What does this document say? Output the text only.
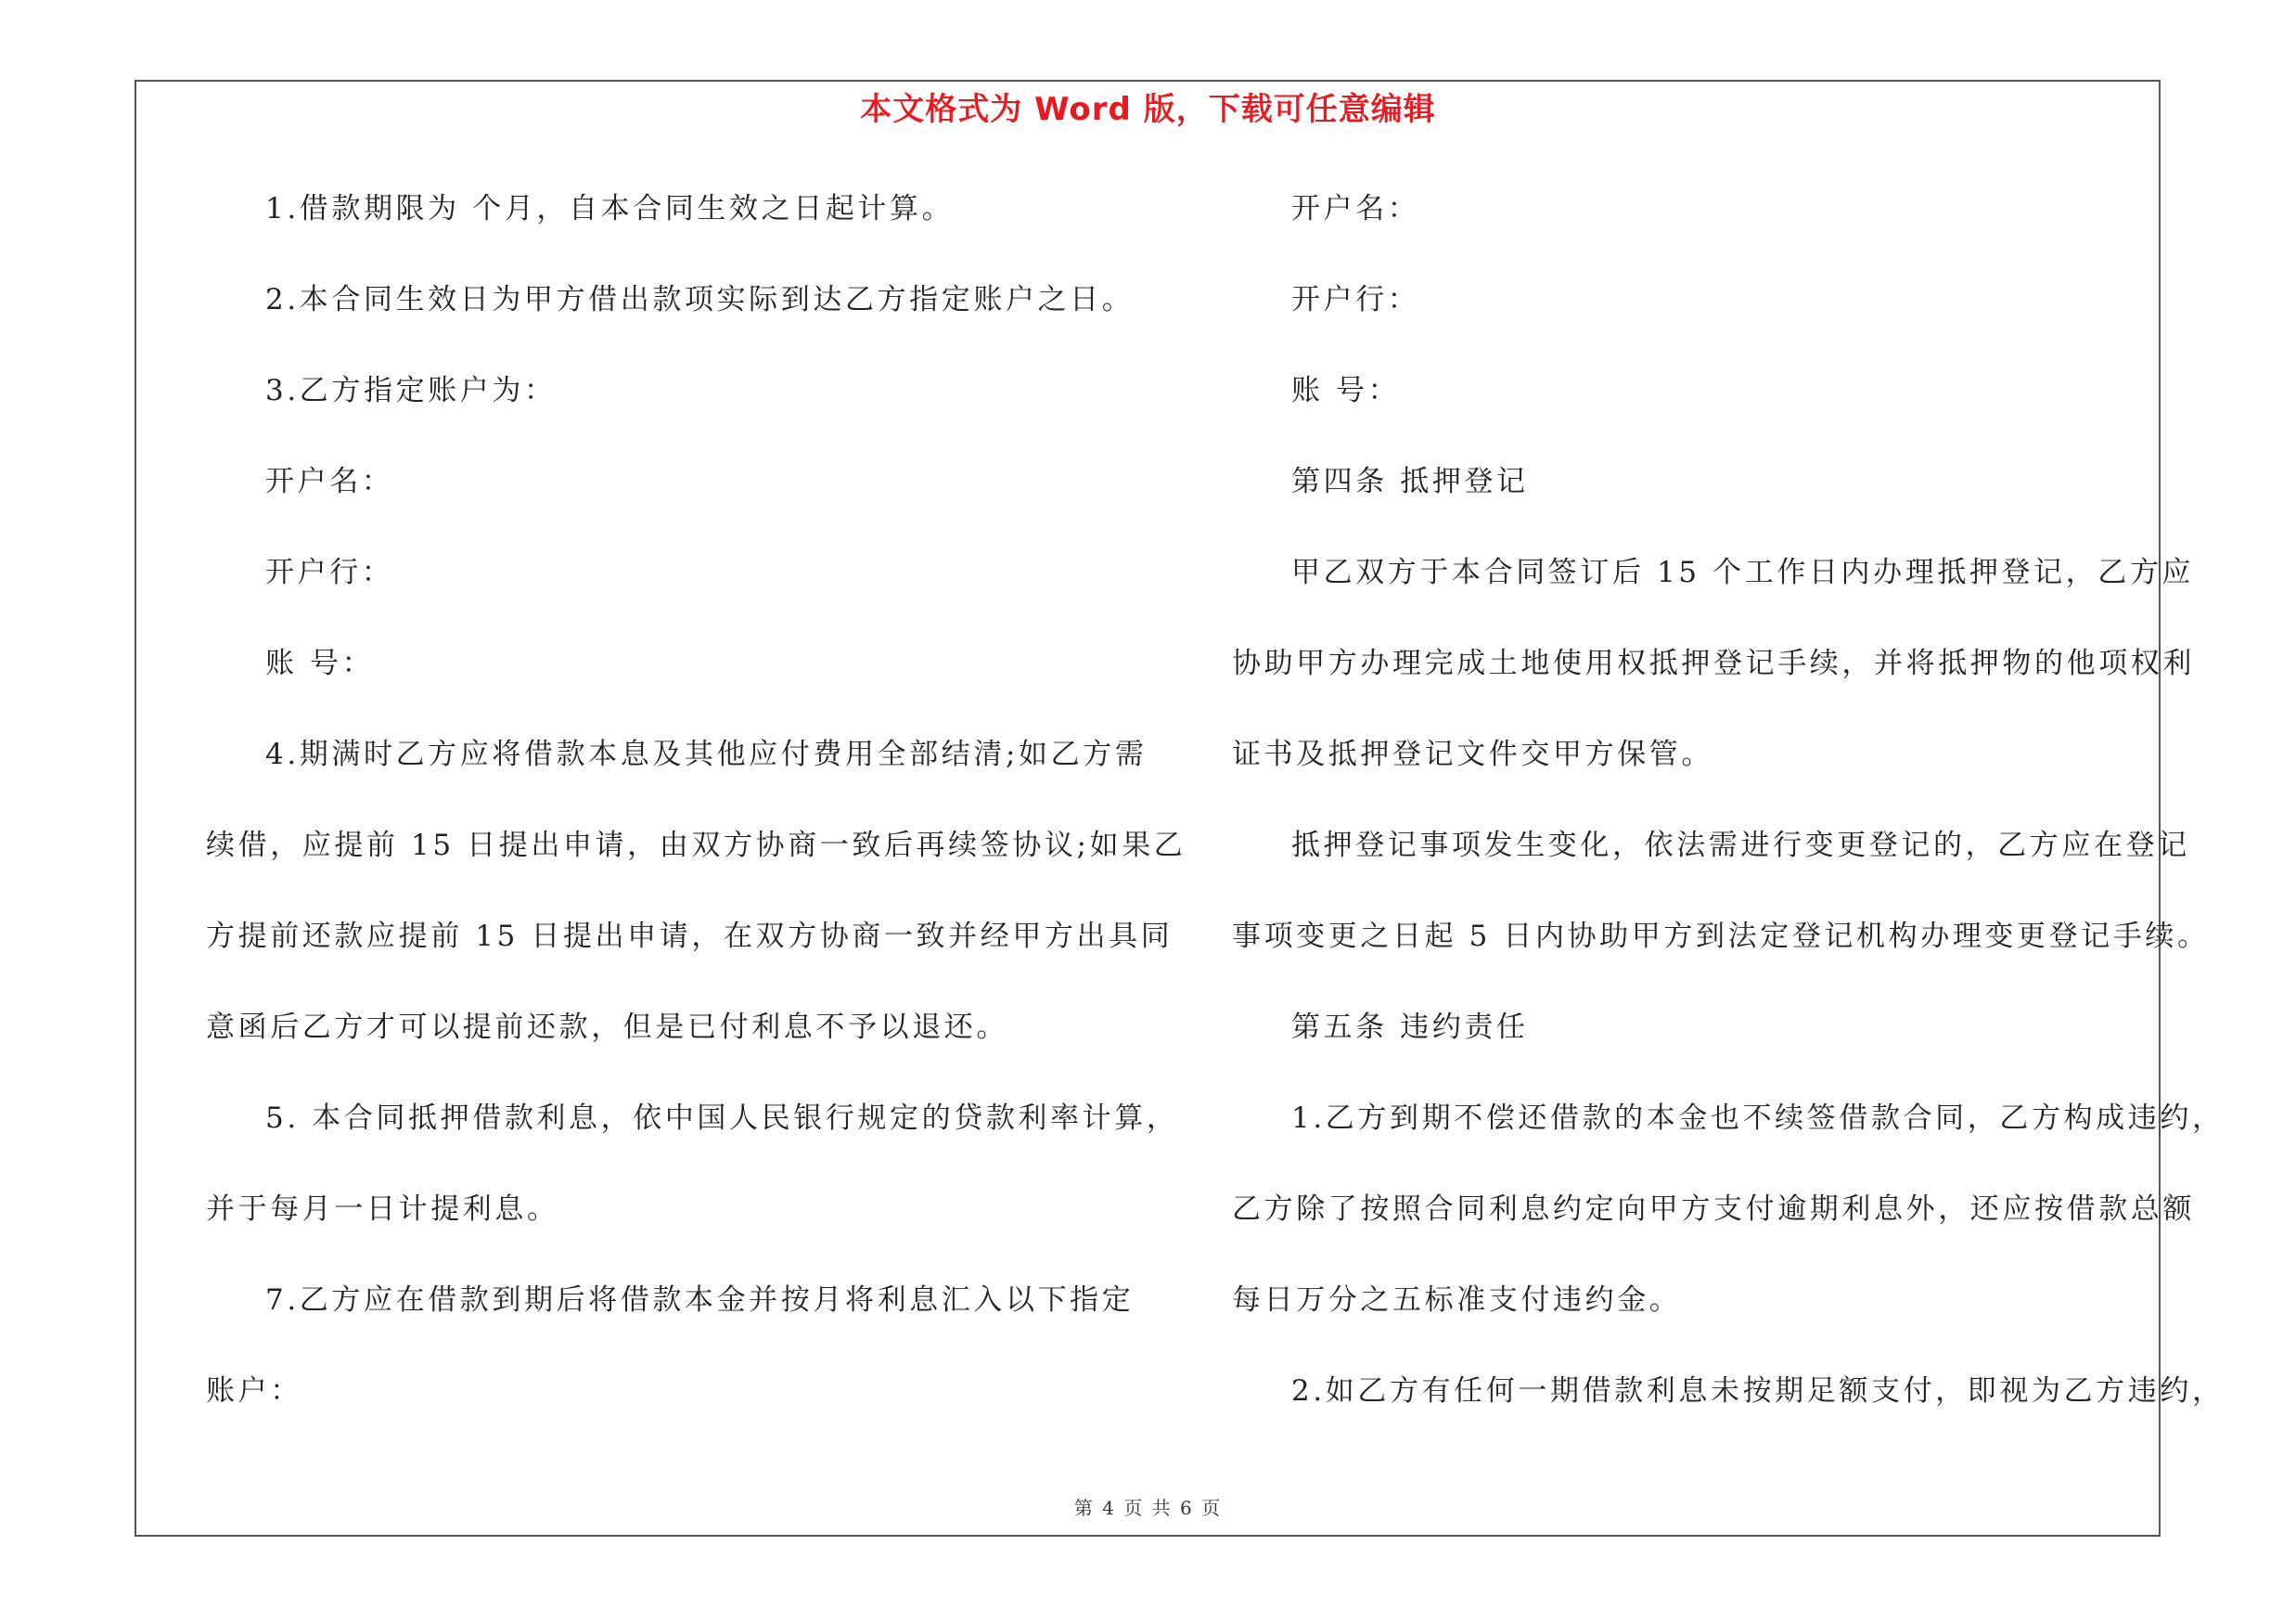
本文格式为 Word 版，下载可任意编辑
1.借款期限为 个月，自本合同生效之日起计算。
2.本合同生效日为甲方借出款项实际到达乙方指定账户之日。
3.乙方指定账户为：
开户名：
开户行：
账 号：
4.期满时乙方应将借款本息及其他应付费用全部结清;如乙方需
续借，应提前 15 日提出申请，由双方协商一致后再续签协议;如果乙
方提前还款应提前 15 日提出申请，在双方协商一致并经甲方出具同
意函后乙方才可以提前还款，但是已付利息不予以退还。
5. 本合同抵押借款利息，依中国人民银行规定的贷款利率计算，
并于每月一日计提利息。
7.乙方应在借款到期后将借款本金并按月将利息汇入以下指定
账户：
开户名：
开户行：
账 号：
第四条 抵押登记
甲乙双方于本合同签订后 15 个工作日内办理抵押登记，乙方应
协助甲方办理完成土地使用权抵押登记手续，并将抵押物的他项权利
证书及抵押登记文件交甲方保管。
抵押登记事项发生变化，依法需进行变更登记的，乙方应在登记
事项变更之日起 5 日内协助甲方到法定登记机构办理变更登记手续。
第五条 违约责任
1.乙方到期不偿还借款的本金也不续签借款合同，乙方构成违约，
乙方除了按照合同利息约定向甲方支付逾期利息外，还应按借款总额
每日万分之五标准支付违约金。
2.如乙方有任何一期借款利息未按期足额支付，即视为乙方违约，
第 4 页 共 6 页
